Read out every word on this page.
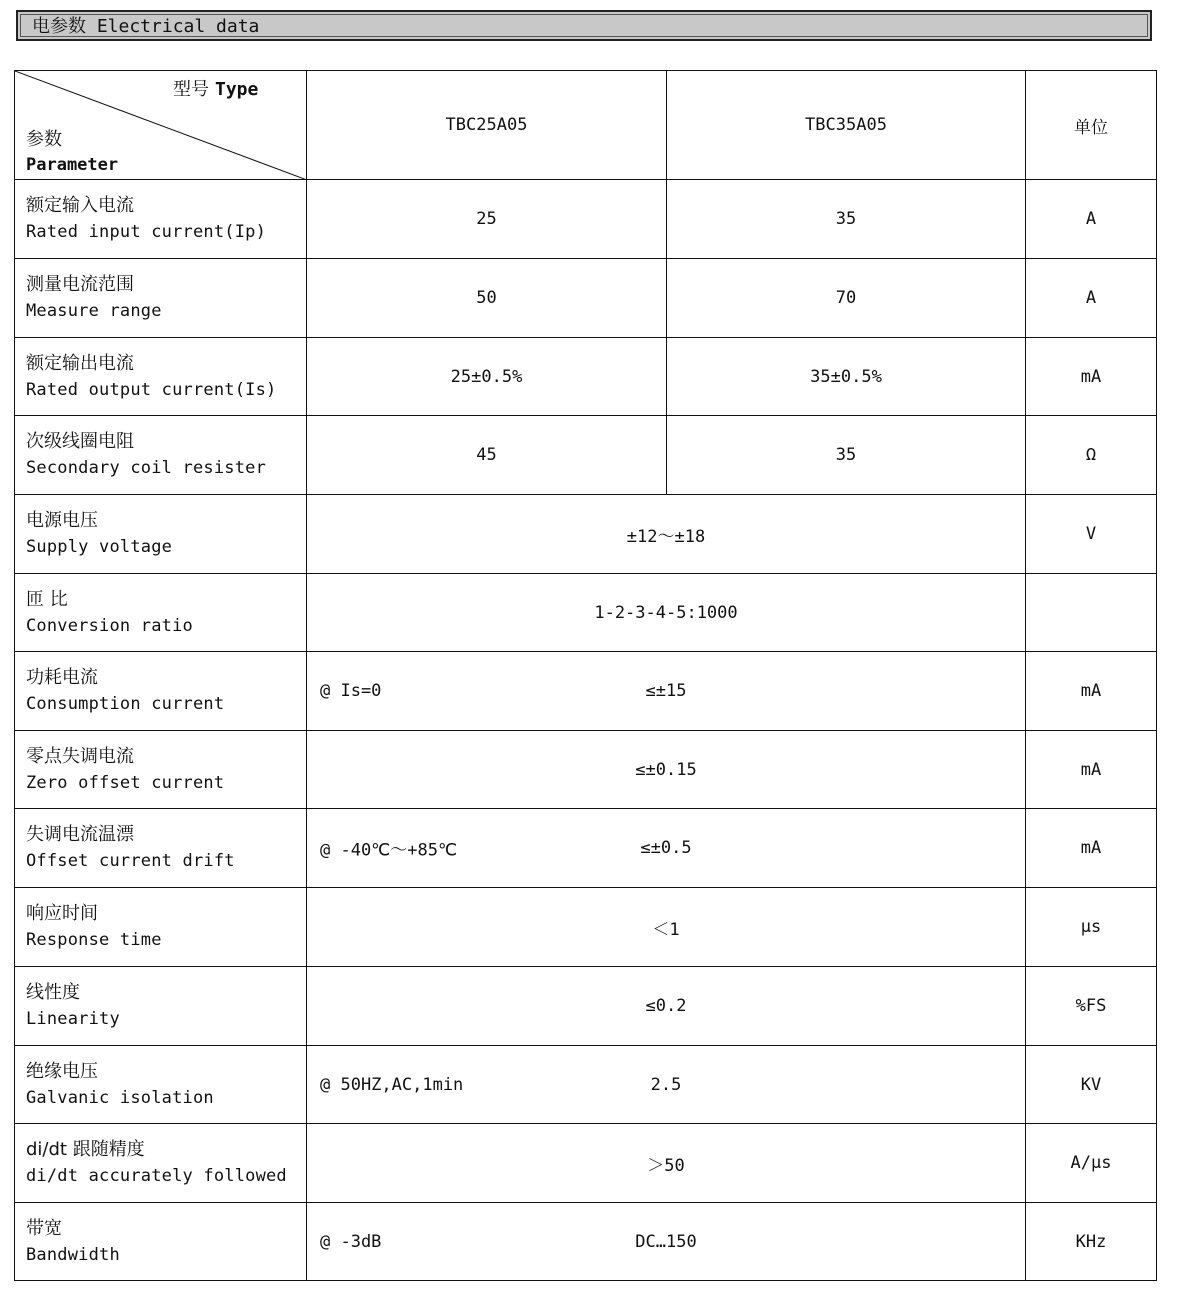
电参数 Electrical data
型号 Type
参数
Parameter	TBC25A05	TBC35A05	单位

额定输入电流
Rated input current(Ip)	25	35	A

测量电流范围
Measure range	50	70	A

额定输出电流
Rated output current(Is)	25±0.5%	35±0.5%	mA

次级线圈电阻
Secondary coil resister	45	35	Ω

电源电压
Supply voltage	±12～±18		V

匝 比
Conversion ratio	1-2-3-4-5:1000		

功耗电流
Consumption current	@ Is=0 ≤±15		mA

零点失调电流
Zero offset current	≤±0.15		mA

失调电流温漂
Offset current drift	@ -40℃～+85℃ ≤±0.5		mA

响应时间
Response time	＜1		μs

线性度
Linearity	≤0.2		%FS

绝缘电压
Galvanic isolation	@ 50HZ,AC,1min 2.5		KV

di/dt 跟随精度
di/dt accurately followed	＞50		A/μs

带宽
Bandwidth	@ -3dB DC…150		KHz
